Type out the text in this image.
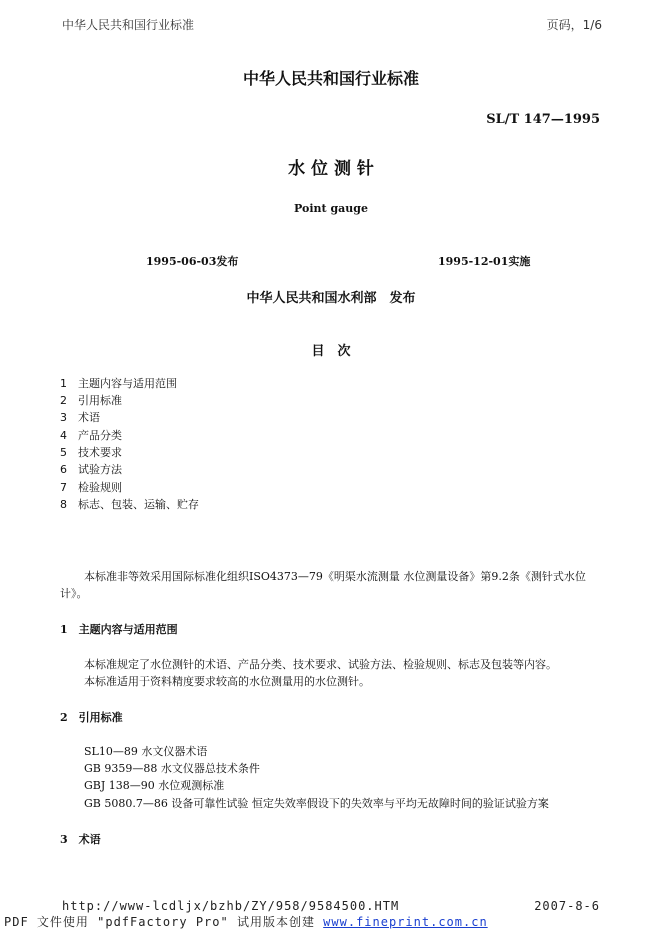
中华人民共和国行业标准	页码，1/6
中华人民共和国行业标准
SL/T 147—1995
水 位 测 针
Point gauge
1995-06-03发布	1995-12-01实施
中华人民共和国水利部　发布
目　次
1 主题内容与适用范围
2 引用标准
3 术语
4 产品分类
5 技术要求
6 试验方法
7 检验规则
8 标志、包装、运输、贮存
本标准非等效采用国际标准化组织ISO4373—79《明渠水流测量 水位测量设备》第9.2条《测针式水位
计》。
1　主题内容与适用范围
本标准规定了水位测针的术语、产品分类、技术要求、试验方法、检验规则、标志及包装等内容。
本标准适用于资料精度要求较高的水位测量用的水位测针。
2　引用标准
SL10—89 水文仪器术语
GB 9359—88 水文仪器总技术条件
GBJ 138—90 水位观测标准
GB 5080.7—86 设备可靠性试验 恒定失效率假设下的失效率与平均无故障时间的验证试验方案
3　术语
http://www-lcdljx/bzhb/ZY/958/9584500.HTM	2007-8-6
PDF 文件使用 "pdfFactory Pro" 试用版本创建 www.fineprint.com.cn
